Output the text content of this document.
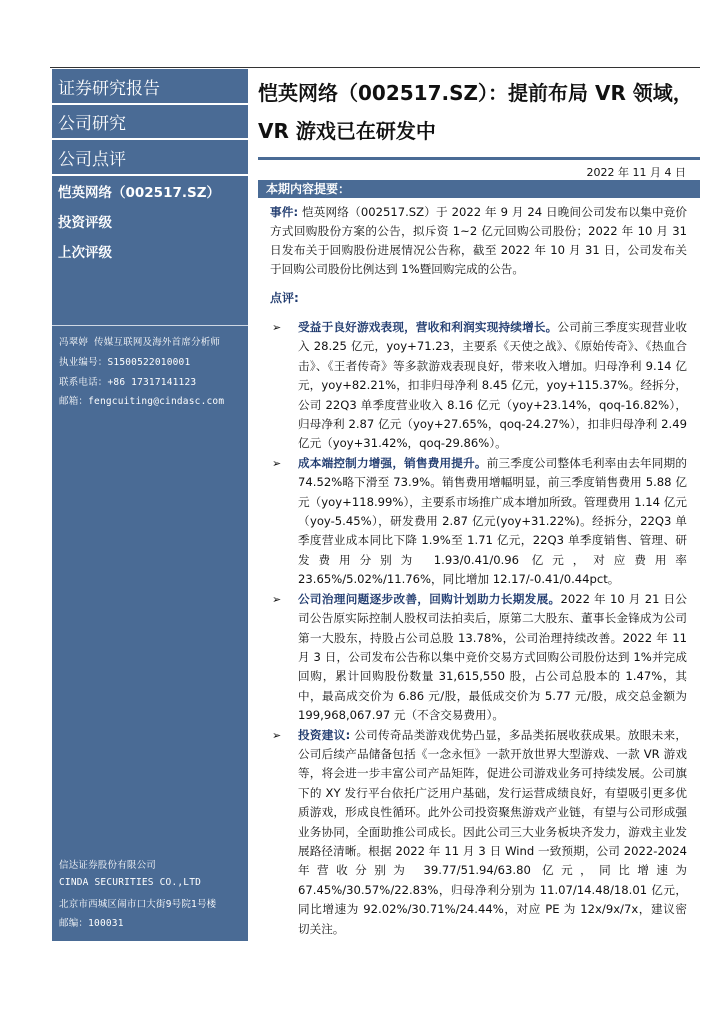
证券研究报告
公司研究
公司点评
恺英网络（002517.SZ）
投资评级
上次评级
冯翠婷 传媒互联网及海外首席分析师
执业编号：S1500522010001
联系电话：+86 17317141123
邮箱：fengcuiting@cindasc.com
信达证券股份有限公司
CINDA SECURITIES CO.,LTD
北京市西城区闹市口大街9号院1号楼
邮编：100031
恺英网络（002517.SZ）：提前布局 VR 领域，VR 游戏已在研发中
2022 年 11 月 4 日
本期内容提要：
事件: 恺英网络（002517.SZ）于 2022 年 9 月 24 日晚间公司发布以集中竞价方式回购股份方案的公告，拟斥资 1~2 亿元回购公司股份；2022 年 10 月 31 日发布关于回购股份进展情况公告称，截至 2022 年 10 月 31 日，公司发布关于回购公司股份比例达到 1%暨回购完成的公告。
点评:
➢ 受益于良好游戏表现，营收和利润实现持续增长。公司前三季度实现营业收入 28.25 亿元，yoy+71.23，主要系《天使之战》、《原始传奇》、《热血合击》、《王者传奇》等多款游戏表现良好，带来收入增加。归母净利 9.14 亿元，yoy+82.21%，扣非归母净利 8.45 亿元，yoy+115.37%。经拆分，公司 22Q3 单季度营业收入 8.16 亿元（yoy+23.14%，qoq-16.82%），归母净利 2.87 亿元（yoy+27.65%，qoq-24.27%），扣非归母净利 2.49 亿元（yoy+31.42%，qoq-29.86%）。
➢ 成本端控制力增强，销售费用提升。前三季度公司整体毛利率由去年同期的 74.52%略下滑至 73.9%。销售费用增幅明显，前三季度销售费用 5.88 亿元（yoy+118.99%），主要系市场推广成本增加所致。管理费用 1.14 亿元（yoy-5.45%），研发费用 2.87 亿元(yoy+31.22%)。经拆分，22Q3 单季度营业成本同比下降 1.9%至 1.71 亿元，22Q3 单季度销售、管理、研发费用分别为 1.93/0.41/0.96 亿元，对应费用率 23.65%/5.02%/11.76%，同比增加 12.17/-0.41/0.44pct。
➢ 公司治理问题逐步改善，回购计划助力长期发展。2022 年 10 月 21 日公司公告原实际控制人股权司法拍卖后，原第二大股东、董事长金锋成为公司第一大股东，持股占公司总股 13.78%，公司治理持续改善。2022 年 11 月 3 日，公司发布公告称以集中竞价交易方式回购公司股份达到 1%并完成回购，累计回购股份数量 31,615,550 股，占公司总股本的 1.47%，其中，最高成交价为 6.86 元/股，最低成交价为 5.77 元/股，成交总金额为 199,968,067.97 元（不含交易费用）。
➢ 投资建议: 公司传奇品类游戏优势凸显，多品类拓展收获成果。放眼未来，公司后续产品储备包括《一念永恒》一款开放世界大型游戏、一款 VR 游戏等，将会进一步丰富公司产品矩阵，促进公司游戏业务可持续发展。公司旗下的 XY 发行平台依托广泛用户基础，发行运营成绩良好，有望吸引更多优质游戏，形成良性循环。此外公司投资聚焦游戏产业链，有望与公司形成强业务协同，全面助推公司成长。因此公司三大业务板块齐发力，游戏主业发展路径清晰。根据 2022 年 11 月 3 日 Wind 一致预期，公司 2022-2024 年营收分别为 39.77/51.94/63.80 亿元，同比增速为 67.45%/30.57%/22.83%，归母净利分别为 11.07/14.48/18.01 亿元，同比增速为 92.02%/30.71%/24.44%，对应 PE 为 12x/9x/7x，建议密切关注。
